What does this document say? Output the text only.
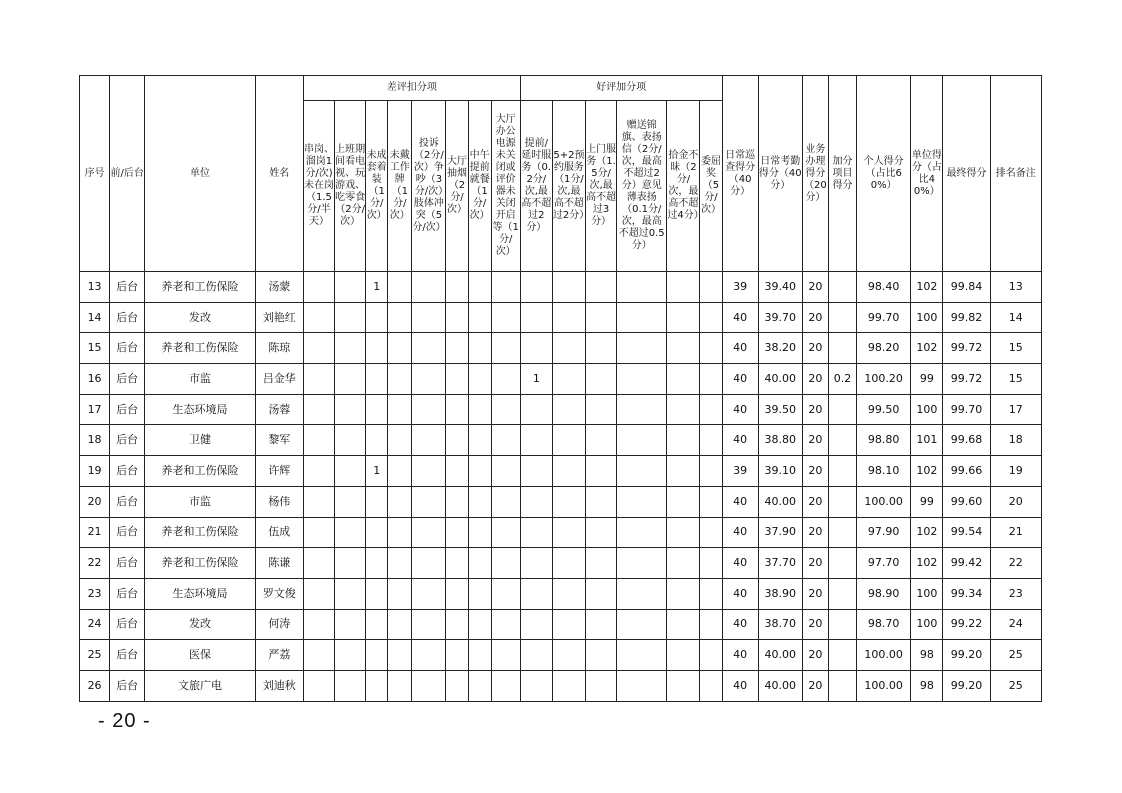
序号	前/后台	单位	姓名	差评扣分项								好评加分项						日常巡查得分（40分）	日常考勤得分（40分）	业务办理得分（20分）	加分项目得分	个人得分（占比60%）	单位得分（占比40%）	最终得分	排名备注
				串岗、溜岗1分/次)未在岗（1.5分/半天）	上班期间看电视、玩游戏、吃零食（2分/次）	未成套着装（1分/次）	未戴工作牌（1分/次）	投诉（2分/次）争吵（3分/次）肢体冲突（5分/次）	大厅抽烟（2分/次）	中午提前就餐（1分/次）	大厅办公电源未关闭或评价器未关闭开启等（1分/次）	提前/延时服务（0.2分/次,最高不超过2分）	5+2预约服务（1分/次,最高不超过2分）	上门服务（1.5分/次,最高不超过3分）	赠送锦旗、表扬信（2分/次，最高不超过2分）意见薄表扬（0.1分/次，最高不超过0.5分）	拾金不昧（2分/次，最高不超过4分）	委屈奖（5分/次）								
13	后台	养老和工伤保险	汤蒙			1												39	39.40	20		98.40	102	99.84	13
14	后台	发改	刘艳红															40	39.70	20		99.70	100	99.82	14
15	后台	养老和工伤保险	陈琼															40	38.20	20		98.20	102	99.72	15
16	后台	市监	吕金华									1						40	40.00	20	0.2	100.20	99	99.72	15
17	后台	生态环境局	汤蓉															40	39.50	20		99.50	100	99.70	17
18	后台	卫健	黎军															40	38.80	20		98.80	101	99.68	18
19	后台	养老和工伤保险	许辉			1												39	39.10	20		98.10	102	99.66	19
20	后台	市监	杨伟															40	40.00	20		100.00	99	99.60	20
21	后台	养老和工伤保险	伍成															40	37.90	20		97.90	102	99.54	21
22	后台	养老和工伤保险	陈谦															40	37.70	20		97.70	102	99.42	22
23	后台	生态环境局	罗文俊															40	38.90	20		98.90	100	99.34	23
24	后台	发改	何涛															40	38.70	20		98.70	100	99.22	24
25	后台	医保	严荔															40	40.00	20		100.00	98	99.20	25
26	后台	文旅广电	刘迪秋															40	40.00	20		100.00	98	99.20	25
- 20 -
